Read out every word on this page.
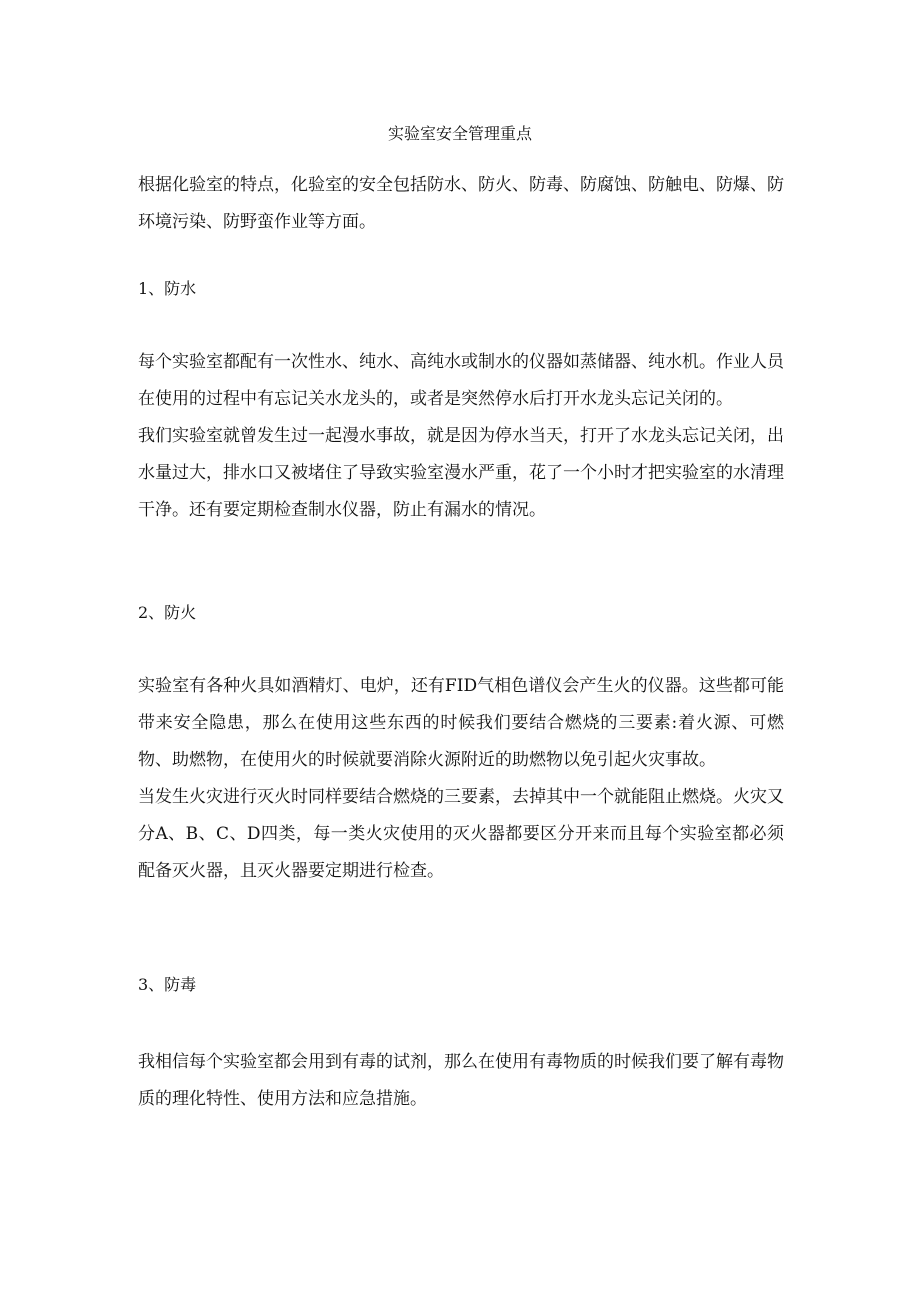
实验室安全管理重点

根据化验室的特点，化验室的安全包括防水、防火、防毒、防腐蚀、防触电、防爆、防环境污染、防野蛮作业等方面。

1、防水

每个实验室都配有一次性水、纯水、高纯水或制水的仪器如蒸储器、纯水机。作业人员在使用的过程中有忘记关水龙头的，或者是突然停水后打开水龙头忘记关闭的。

我们实验室就曾发生过一起漫水事故，就是因为停水当天，打开了水龙头忘记关闭，出水量过大，排水口又被堵住了导致实验室漫水严重，花了一个小时才把实验室的水清理干净。还有要定期检查制水仪器，防止有漏水的情况。

2、防火

实验室有各种火具如酒精灯、电炉，还有FID气相色谱仪会产生火的仪器。这些都可能带来安全隐患，那么在使用这些东西的时候我们要结合燃烧的三要素:着火源、可燃物、助燃物，在使用火的时候就要消除火源附近的助燃物以免引起火灾事故。

当发生火灾进行灭火时同样要结合燃烧的三要素，去掉其中一个就能阻止燃烧。火灾又分A、B、C、D四类，每一类火灾使用的灭火器都要区分开来而且每个实验室都必须配备灭火器，且灭火器要定期进行检查。

3、防毒

我相信每个实验室都会用到有毒的试剂，那么在使用有毒物质的时候我们要了解有毒物质的理化特性、使用方法和应急措施。
